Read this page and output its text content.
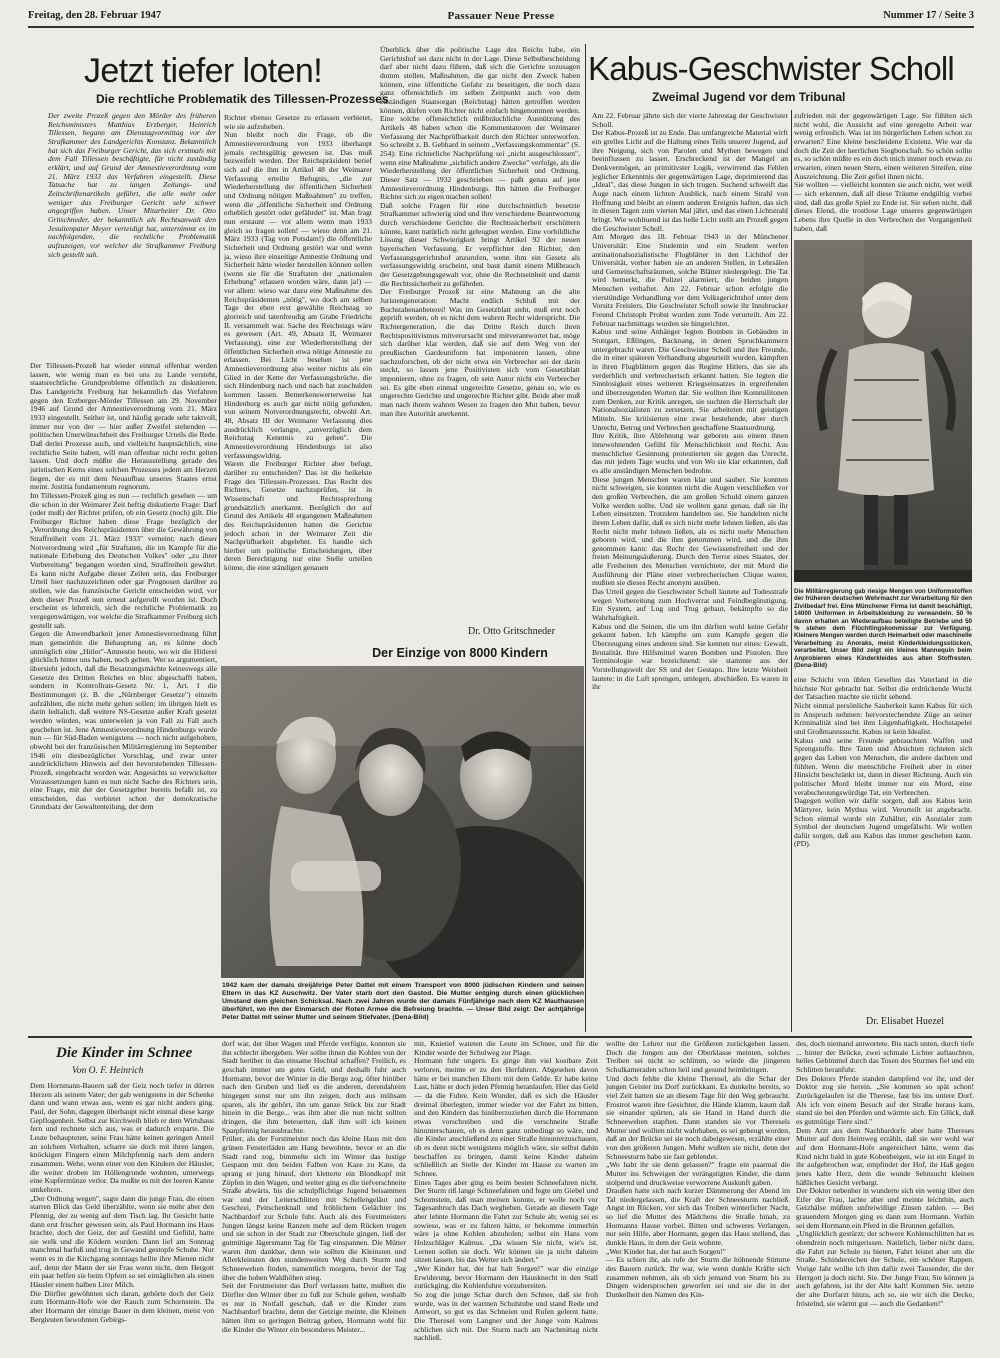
Freitag, den 28. Februar 1947	Passauer Neue Presse	Nummer 17 / Seite 3
Jetzt tiefer loten!
Die rechtliche Problematik des Tillessen-Prozesses
Der zweite Prozeß gegen den Mörder des früheren Reichsministers Matthias Erzberger, Heinrich Tillessen, begann am Dienstagvormittag vor der Strafkammer des Landgerichts Konstanz. Bekanntlich hat sich das Freiburger Gericht, das sich erstmals mit dem Fall Tillessen beschäftigte, für nicht zuständig erklärt, und auf Grund der Amnestieverordnung vom 21. März 1933 das Verfahren eingestellt. Diese Tatsache hat zu langen Zeitungs- und Zeitschriftenartikeln geführt, die alle mehr oder weniger das Freiburger Gericht sehr schwer angegriffen haben. Unser Mitarbeiter Dr. Otto Gritschneder, der bekanntlich als Rechtsanwalt den Jesuitenpater Meyer verteidigt hat, unternimmt es im nachfolgenden, die rechtliche Problematik aufzuzeigen, vor welcher die Strafkammer Freiburg sich gestellt sah.
Der Tillessen-Prozeß hat wieder einmal offenbar werden lassen, wie wenig man es bei uns zu Lande versteht, staatsrechtliche Grundprobleme öffentlich zu diskutieren. Das Landgericht Freiburg hat bekanntlich das Verfahren gegen den Erzberger-Mörder Tillessen am 29. November 1946 auf Grund der Amnestieverordnung vom 21. März 1933 eingestellt. Seither ist, und häufig gerade sehr taktvoll, immer nur von der — hier außer Zweifel stehenden — politischen Unerwünschtheit des Freiburger Urteils die Rede. Daß derlei Prozesse auch, und vielleicht hauptsächlich, eine rechtliche Seite haben, will man offenbar nicht recht gelten lassen. Und doch müßte die Herausstellung gerade des juristischen Kerns eines solchen Prozesses jedem am Herzen liegen, der es mit dem Neuaufbau unseres Staates ernst meint. Justitia fundamentum regnorum.
Im Tillessen-Prozeß ging es nun — rechtlich gesehen — um die schon in der Weimarer Zeit heftig diskutierte Frage: Darf (oder muß) der Richter prüfen, ob ein Gesetz (noch) gilt. Die Freiburger Richter haben diese Frage bezüglich der „Verordnung des Reichspräsidenten über die Gewährung von Straffreiheit vom 21. März 1933" verneint; nach dieser Notverordnung wird „für Straftaten, die im Kampfe für die nationale Erhebung des Deutschen Volkes" oder „zu ihrer Vorbereitung" begangen worden sind, Straffreiheit gewährt. Es kann nicht Aufgabe dieser Zeilen sein, das Freiburger Urteil hier nachzuzeichnen oder gar Prognosen darüber zu stellen, wie das französische Gericht entscheiden wird, vor dem dieser Prozeß nun erneut aufgerollt worden ist. Doch erscheint es lehrreich, sich die rechtliche Problematik zu vergegenwärtigen, vor welche die Strafkammer Freiburg sich gestellt sah.
Gegen die Anwendbarkeit jener Amnestieverordnung führt man gemeinhin die Behauptung an, es könne doch unmöglich eine „Hitler"-Amnestie heute, wo wir die Hitlerei glücklich hinter uns haben, noch gelten. Wer so argumentiert, übersieht jedoch, daß die Besatzungsmächte keineswegs alle Gesetze des Dritten Reiches en bloc abgeschafft haben, sondern in Kontrollrats-Gesetz Nr. 1, Art. I die Bestimmungen (z. B. die „Nürnberger Gesetze") einzeln aufzählten, die nicht mehr gelten sollen; im übrigen hielt es darin ledialich, daß weitere NS-Gesetze außer Kraft gesetzt werden würden, was unterwelen ja von Fall zu Fall auch geschehen ist. Jene Amnestieverordnung Hindenburgs wurde nun — für Süd-Baden wenigstens — noch nicht aufgehoben, obwohl bei der französischen Militärregierung im September 1946 ein diesbezüglicher Vorschlag, und zwar unter ausdrücklichem Hinweis auf den bevorstehenden Tillessen-Prozeß, eingebracht worden war. Angesichts so verwickelter Voraussetzungen kann es nun nicht Sache des Richters sein, eine Frage, mit der der Gesetzgeber bereits befaßt ist, zu entscheiden, das verbietet schon der demokratische Grundsatz der Gewaltenteilung, der dem
Richter ebenso Gesetze zu erlassen verbietet, wie sie aufzuheben.
Nun bleibt noch die Frage, ob die Amnestieverordnung von 1933 überhaupt jemals rechtsgültig gewesen ist. Das muß bezweifelt werden. Der Reichspräsident berief sich auf die ihm in Artikel 48 der Weimarer Verfassung erteilte Befugnis, „die zur Wiederherstellung der öffentlichen Sicherheit und Ordnung nötigen Maßnahmen" zu treffen, wenn die „öffentliche Sicherheit und Ordnung erheblich gestört oder gefährdet" ist. Man fragt nun erstaunt — vor allem wenn man 1933 gleich so fragen sollen! — wieso denn am 21. März 1933 (Tag von Potsdam!) die öffentliche Sicherheit und Ordnung gestört war und wenn ja, wieso ihre einseitige Amnestie Ordnung und Sicherheit hätte wieder herstellen können sollen (wenn sie für die Straftaten der „nationalen Erhebung" erlassen worden wäre, dann ja!) — vor allem: wieso war dazu eine Maßnahme des Reichspräsidenten „nötig", wo doch am selben Tage der eben erst gewählte Reichstag so glorreich und tatenfreudig am Grabe Friedrichs II. versammelt war. Sache des Reichstags wäre es gewesen (Art. 49, Absatz II, Weimarer Verfassung), eine zur Wiederherstellung der öffentlichen Sicherheit etwa nötige Amnestie zu erlassen. Bei Licht besehen ist jene Amnestieverordnung also weiter nichts als ein Glied in der Kette der Verfassungsbrüche, die sich Hindenburg nach und nach hat zuschulden kommen lassen. Bemerkenswerterweise hat Hindenburg es auch gar nicht nötig gefunden, von seinem Notverordnungsrecht, obwohl Art. 48, Absatz III der Weimarer Verfassung dies ausdrücklich verlangte, „unverzüglich dem Reichstag Kenntnis zu geben". Die Amnestieverordnung Hindenburgs ist also verfassungswidrig.
Waren die Freiburger Richter aber befugt, darüber zu entscheiden? Das ist die heikelste Frage des Tillessen-Prozesses. Das Recht des Richters, Gesetze nachzuprüfen, ist in Wissenschaft und Rechtssprechung grundsätzlich anerkannt. Bezüglich der auf Grund des Artikels 48 ergangenen Maßnahmen des Reichspräsidenten hatten die Gerichte jedoch schon in der Weimarer Zeit die Nachprüfbarkeit abgelehnt. Es handle sich hierbei um politische Entscheidungen, über deren Berechtigung nur eine Stelle urteilen könne, die eine ständigen genauen
Überblick über die politische Lage des Reichs habe, ein Gerichtshof sei dazu nicht in der Lage. Diese Selbstbescheidung darf aber nicht dazu führen, daß sich die Gerichte sozusagen dumm stellen. Maßnahmen, die gar nicht den Zweck haben können, eine öffentliche Gefahr zu beseitigen, die noch dazu ganz offensichtlich im selben Zeitpunkt auch von dem zuständigen Staatsorgan (Reichstag) hätten getroffen werden können, dürfen vom Richter nicht einfach hingenommen werden. Eine solche offensichtlich mißbräuchliche Ausnützung des Artikels 48 haben schon die Kommentatoren der Weimarer Verfassung der Nachprüfbarkeit durch den Richter unterworfen. So schreibt z. B. Gebhard in seinem „Verfassungskommentar" (S. 254): Eine richterliche Nachprüfung sei „nicht ausgeschlossen", wenn eine Maßnahme „sichtlich andere Zwecke" verfolge, als die Wiederherstellung der öffentlichen Sicherheit und Ordnung. Dieser Satz — 1932 geschrieben — paßt genau auf jene Amnestieverordnung Hindenburgs. Ihn hätten die Freiburger Richter sich zu eigen machen sollen!
Daß solche Fragen für eine durchschnittlich besetzte Strafkammer schwierig sind und ihre verschiedene Beantwortung durch verschiedene Gerichte die Rechtssicherheit erschüttern könnte, kann natürlich nicht geleugnet werden. Eine vorbildliche Lösung dieser Schwierigkeit bringt Artikel 92 der neuen bayerischen Verfassung. Er verpflichtet den Richter, den Verfassungsgerichtshof anzurufen, wenn ihm ein Gesetz als verfassungswidrig erscheint, und baut damit einem Mißbrauch der Gesetzgebungsgewalt vor, ohne die Rechtseinheit und damit die Rechtssicherheit zu gefährden.
Der Freiburger Prozeß ist eine Mahnung an die alte Juristengeneration: Macht endlich Schluß mit der Buchstabenanbeterei! Was im Gesetzblatt steht, muß erst noch geprüft werden, ob es nicht dem wahren Recht widerspricht. Die Richtergeneration, die das Dritte Reich durch ihren Rechtspositivismus mitverursacht und mitverantwortet hat, möge sich darüber klar werden, daß sie auf dem Weg von der preußischen Gardeuniform hat imponieren lassen, ohne nachzuforschen, ob der nicht etwa ein Verbrecher sei der darin steckt, so lassen jene Positivisten sich vom Gesetzblatt imponieren, ohne zu fragen, ob sein Autor nicht ein Verbrecher sei. Es gibt eben einmal ungerechte Gesetze, genau so, wie es ungerechte Gerichte und ungerechte Richter gibt. Beide aber muß man nach ihrem wahren Wesen zu fragen den Mut haben, bevor man ihre Autorität anerkennt.
Dr. Otto Gritschneder
Der Einzige von 8000 Kindern
1942 kam der damals dreijährige Peter Dattel mit einem Transport von 8000 jüdischen Kindern und seinen Eltern in das KZ Auschwitz. Der Vater starb dort den Gastod. Die Mutter entging durch einen glücklichen Umstand dem gleichen Schicksal. Nach zwei Jahren wurde der damals Fünfjährige nach dem KZ Mauthausen überführt, wo ihn der Einmarsch der Roten Armee die Befreiung brachte. — Unser Bild zeigt: Der achtjährige Peter Dattel mit seiner Mutter und seinem Stiefvater. (Dena-Bild)
Kabus-Geschwister Scholl
Zweimal Jugend vor dem Tribunal
Am 22. Februar jährte sich der vierte Jahrestag der Geschwister Scholl.
Der Kabus-Prozeß ist zu Ende. Das umfangreiche Material wirft ein grelles Licht auf die Haltung eines Teils unserer Jugend, auf ihre Neigung, sich von Parolen und Mythen bewegen und beeinflussen zu lassen. Erschreckend ist der Mangel an Denkvermögen, an primitivster Logik, verwirrend das Fehlen jeglicher Erkenntnis der gegenwärtigen Lage, deprimierend das „Ideal", das diese Jungen in sich trugen. Suchend schweift das Auge nach einem lichten Ausblick, nach einem Strahl von Hoffnung und bleibt an einem anderen Ereignis haften, das sich in diesen Tagen zum vierten Mal jährt, und das einen Lichtstrahl bringt. Wie wohltuend ist das helle Licht stellt am Prozeß gegen die Geschwister Scholl.
Am Morgen des 18. Februar 1943 in der Münchener Universität: Eine Studentin und ein Student werfen antinationalsozialistische Flugblätter in den Lichthof der Universität, vorher haben sie an anderen Stellen, in Lehrsälen und Gemeinschaftsräumen, solche Blätter niedergelegt. Die Tat wird bemerkt, die Polizei alarmiert, die beiden jungen Menschen verhaftet. Am 22. Februar schon erfolgte die vierstündige Verhandlung vor dem Volksgerichtshof unter dem Vorsitz Freislers. Die Geschwister Scholl sowie ihr Innsbrucker Freund Christoph Probst wurden zum Tode verurteilt. Am 22. Februar nachmittags wurden sie hingerichtet.
Kabus und seine Anhänger legten Bomben in Gebäuden in Stuttgart, Eßlingen, Backnang, in denen Spruchkammern untergebracht waren. Die Geschwister Scholl und ihre Freunde, die in einer späteren Verhandlung abgeurteilt wurden, kämpften in ihren Flugblättern gegen das Regime Hitlers, das sie als verderblich und verbrecherisch erkannt hatten. Sie legten die Sinnlosigkeit eines weiteren Kriegseinsatzes in ergreifenden und überzeugenden Worten dar. Sie wollten ihre Kommilitonen zum Denken, zur Kritik anregen, sie suchten die Herrschaft der Nationalsozialisten zu zersetzen. Sie arbeiteten mit geistigen Mitteln. Sie kritisierten eine zwar bestehende, aber durch Unrecht, Betrug und Verbrechen geschaffene Staatsordnung.
Ihre Kritik, ihre Ablehnung war geboren aus einem ihnen innewohnenden Gefühl für Menschlichkeit und Recht. Aus menschlicher Gesinnung protestierten sie gegen das Unrecht, das mit jedem Tage wuchs und von Wo sie klar erkannten, daß es alle anständigen Menschen bedrohte.
Diese jungen Menschen waren klar und sauber. Sie konnten nicht schweigen, sie konnten nicht die Augen verschließen vor den großen Verbrechen, die am großen Schuld einem ganzen Volke werden sollte. Und sie wollten ganz genau, daß sie ihr Leben einsetzten. Trotzdem handelten sie. Sie handelten nicht ihrem Leben dafür, daß es sich nicht mehr lohnen ließen, als das Recht nicht mehr lohnen ließen, als es nicht mehr Menschen geboren wird, und die ihm genommen wird, und die ihm genommen kann: das Recht der Gewissensfreiheit und der freien Meinungsäußerung. Durch den Terror eines Staates, der alle Freiheiten des Menschen vernichtete, der mit Mord die Ausführung der Pläne einer verbrecherischen Clique waren, mußten sie dieses Recht anonym ausüben.
Das Urteil gegen die Geschwister Scholl lautete auf Todesstrafe wegen Vorbereitung zum Hochverrat und Feindbegünstigung. Ein System, auf Lug und Trug gebaut, bekämpfte so die Wahrhaftigkeit.
Kabus und die Seinen, die um ihn dürften wohl keine Gefahr gekannt haben. Ich kämpfte um zum Kampfe gegen die Überzeugung eines anderen sind. Sie kennen nur eines: Gewalt, Brutalität. Ihre Hilfsmittel waren Bomben und Pistolen. Ihre Terminologie war bezeichnend: sie stammte aus der Vorstellungswelt der SS und der Gestapo. Ihre letzte Weisheit lautete: in die Luft sprengen, umlegen, abschießen. Es waren in ihr
zufrieden mit der gegenwärtigen Lage. Sie fühlten sich nicht wohl, die Aussicht auf eine geregelte Arbeit war wenig erfreulich. Was ist im bürgerlichen Leben schon zu erwarten? Eine kleine bescheidene Existenz. Wie war da doch die Zeit der herrlichen Siegbotschaft. So schön sollte es, so schön müßte es ein doch mich immer noch etwas zu erwarten, einen neuen Stern, einen weiteren Streifen, eine Auszeichnung. Die Zeit gefiel ihnen nicht.
Sie wollten — vielleicht konnten sie auch nicht, wer weiß — sich erkennen, daß all diese Träume endgültig vorbei sind, daß das große Spiel zu Ende ist. Sie sehen nicht, daß dieses Elend, die trostlose Lage unseres gegenwärtigen Lebens ihre Quelle in den Verbrechen der Vergangenheit haben, daß
Die Militärregierung gab riesige Mengen von Uniformstoffen der früheren deutschen Wehrmacht zur Verarbeitung für den Zivilbedarf frei. Eine Münchener Firma ist damit beschäftigt, 14000 Uniformen in Arbeitskleidung zu verwandeln. 50 % davon erhalten an Wiederaufbau beteiligte Betriebe und 50 % stehen dem Flüchtlingskommissar zur Verfügung. Kleinere Mengen werden durch Heimarbeit oder maschinelle Verarbeitung zu Anoraks, meist Kinderkleidungsstücken, verarbeitet. Unser Bild zeigt ein kleines Mannequin beim Anprobieren eines Kinderkleides aus alten Stoffresten. (Dena-Bild)
eine Schicht von üblen Gesellen das Vaterland in die höchste Not gebracht hat. Selbst die erdrückende Wucht der Tatsachen machte sie nicht sehend.
Nicht einmal persönliche Sauberkeit kann Kabus für sich in Anspruch nehmen: hervorstechendste Züge an seiner Kriminalität sind bei ihm Lügenhaftigkeit, Hochstapelei und Großmannssucht. Kabus ist kein Idealist.
Kabus und seine Freunde gebrauchten Waffen und Sprengstoffe. Ihre Taten und Absichten richteten sich gegen das Leben von Menschen, die andere dachten und fühlten. Wenn die menschliche Freiheit aber in einer Hinsicht beschränkt ist, dann in dieser Richtung. Auch ein politischer Mord bleibt immer nur ein Mord, eine verabscheuungswürdige Tat, ein Verbrechen.
Dagegen wollen wir dafür sorgen, daß aus Kabus kein Märtyrer, kein Mythus wird. Verurteilt ist angebracht. Schon einmal wurde ein Zuhälter, ein Asozialer zum Symbol der deutschen Jugend umgefälscht. Wir wollen dafür sorgen, daß aus Kabus das immer geschehen kann. (PD).
Dr. Elisabet Huezel
Die Kinder im Schnee
Von O. F. Heinrich
Dem Hornmann-Bauern saß der Geiz noch tiefer in dürren Herzen als seinem Vater; der gab wenigstens in der Schenke dann und wann etwas aus, wenn es gar nicht anders ging. Paul, der Sohn, dagegen überhaupt nicht einmal diese karge Gepflogenheit. Selbst zur Kirchweih blieb er dem Wirtshaus fern und rechnete sich aus, was er dadurch ersparte. Die Leute behaupteten, seine Frau hätte keinen geringen Anteil an solchem Verhalten, scharre sie doch mit ihren langen, knöckigen Fingern einen Milchpfennig nach dem andern zusammen. Wehe, wenn einer von den Kindern der Häusler, die weiter droben im Höllengrunde wohnten, unterwegs eine Kupfermünze verlor. Da mußte es mit der leeren Kanne umkehren.
„Der Ordnung wegen", sagte dann die junge Frau, die einen starren Blick das Geld überzählte, wenn sie mehr aber den Pfennig, der zu wenig auf dem Tisch lag. Ihr Gesicht hatte dann erst frischer gewesen sein, als Paul Hormann ins Haus brachte, doch der Geiz, der auf Gestühl und Gefühl, hatte sie welk und die Ködern wurden. Dann lief am Sonntag manchmal barfuß und trug in Gewand gestopfe Schuhe. Nur wenn es in die Kirchgang sonntags hellte ihre Mienen nicht auf, denn der Mann der sie Frau wenn nicht, dem Hergott ein paar helfen sie beim Opfern so sei eintäglichen als einen Häusler einem halben Liter Milch.
Die Dörfler gewöhnten sich daran, gehörte doch der Geiz zum Hormann-Hofe wie der Rauch zum Schornstein. Da aber Hormann der einzige Bauer in dem kleinen, meist von Bergleuten bewohnten Gebirgs-
dorf war, der über Wagen und Pferde verfügte, konnten sie ihn schlecht übergehen. Wer sollte ihnen die Kohlen von der Stadt herüber in das einsame Hochtal schaffen? Freilich, es geschah immer um gutes Geld, und deshalb fuhr auch Hormann, bevor der Winter in die Berge zog, öfter hinüber nach den Gruben und ließ es die anderen, derendaheim hingegen sonst nur um ihn zeigen, doch aus mühsam sparen, als ihr gehört, ihn um ganze Stück bis zur Stadt hinein in die Berge... was ihm aber die nun nicht sollten dringen, die ihm beteuerten, daß ihm soll ich keinen Sparpfennig herausbrachte.
Früher, als der Forstmeister noch das kleine Haus mit den grünen Fensterläden am Hang bewohnte, bevor er an die Stadt rand zog, bimmelte sich im Winter das lustige Gespann mit den beiden Falben von Kaze zu Kate, da sprang er jung hinauf, dort kletterte ein Blondkopf mit Zöpfen in den Wagen, und weiter ging es die tiefverschneite Straße abwärts, bis die schulpflichtige Jugend beisammen war und der Leiterschlitten mit Schellengeläut und Geschrei, Peitschenknall und fröhlichem Gelächter ins Nachbardorf zur Schule fuhr. Auch als des Forstmeisters Jungen längst keine Ranzen mehr auf dem Rücken trugen und sie schon in der Stadt zur Oberschule gingen, ließ der gutmütige Jägersmann Tag für Tag einspannen. Die Mütter waren ihm dankbar, denn wie sollten die Kleinsten und Allerkleinsten den stundenweiten Weg durch Sturm und Schneewehen finden, namentlich morgens, bevor der Tag über die hohen Waldhöhen stieg.
Seit der Forstmeister das Dorf verlassen hatte, mußten die Dörfler den Winter über zu fuß zur Schule gehen, weshalb es nur in Notfall geschah, daß er die Kinder zum Nachbardorf brachte, denn der Geizige meinte, die Kleinen hätten ihm so geringen Beitrag geben, Hormann wohl für die Kinder die Winter ein besonderes Meister...
mit, Knietief wateten die Leute im Schnee, und für die Kinder wurde der Schulweg zur Plage.
Hormann fuhr ungern. Es ginge ihm viel kostbare Zeit verloren, meinte er zu den Herfahren. Abgesehen davon hätte er bei manchen Eltern mit dem Gelde. Er habe keine Last, hätte er doch jeden Pfennig heranlaufen. Hier das Geld — da die Fuhre. Kein Wunder, daß es sich die Häusler dreimal überlegten, immer wieder vor der Fahrt zu bitten, und den Kindern das hinüberzuziehen durch die Hornmann etwas vorschreiben und die verschneite Straße hinunterschauen, ob es denn ganz unbedingt so wäre, und die Kinder anschließend zu einer Straße hinunterzuschauen, ob es denn nicht wenigstens möglich wäre, sie selbst dahin beschaffen zu bringen, damit keine Kinder daheim schließlich an Stelle der Kinder im Hause zu warten im Schnee.
Eines Tages aber ging es beim besten Schneefahren nicht. Der Sturm riß lange Schneefahnen und fegte um Giebel und Schornstein, daß man meinen konnte, er wolle noch vor Tagesanbruch das Dach wegheben. Gerade an diesem Tage aber lehnte Hormann die Fahrt zur Schule ab; wenig sei es sowieso, was er zu fahren hätte, er bekomme immerhin wäre ja ohne Kohlen abzuholen; selbst ein Hans vom Holzschläger Kalmus. „Da wissen Sie nicht, wie's ist. Lernen sollen sie doch. Wir können sie ja nicht daheim sitzen lassen, bis das Wetter sich ändert."
„Wer Kinder hat, der hat halt Sorgen!" war die einzige Erwiderung, bevor Hormann den Hausknecht in den Stall zurückging, die Kohlenfuhre vorzubereiten.
So zog die junge Schar durch den Schnee, daß sie froh wurde, was in der warmen Schulstube und stand Rede und Antwort, so gut es das Schneien und Rufen gelernt hatte. Die Theresel vom Langner und der Junge vom Kalmus schlichen sich mit. Der Sturm nach am Nachmittag nicht nachließ.
wollte der Lehrer nur die Größeren zurückgehen lassen. Doch die Jungen aus der Oberklasse meinten, solches Treiben sei nicht so schlimm, so würde die jüngeren Schulkameraden schon heil und gesund heimbringen.
Und doch fehlte die kleine Theresel, als die Schar der jungen Geister ins Dorf zurückkam. Es dunkelte bereits, so viel Zeit hatten sie an diesem Tage für den Weg gebraucht. Frostrot waren ihre Gesichter, die Hände klamm, kaum daß sie einander spürten, als sie Hand in Hand durch die Schneewehen stapften. Dann standen sie vor Theresels Mutter und wollten nicht wahrhaben, es sei gebeugt worden, daß an der Brücke sei sie noch dabeigewesen, erzählte einer von den größeren Jungen. Mehr wußten sie nicht, denn der Schneesturm habe sie fast geblendet.
„Wo habt ihr sie denn gelassen?" fragte ein paarmal die Mutter ins Schweigen der verängstigten Kinder, die dann stolpernd und druckweise verworrene Auskunft gaben.
Draußen hatte sich nach kurzer Dämmerung der Abend im Tal niedergelassen, die Kraft der Schneesturm nachließ. Angst im Rücken, vor sich das Treiben winterlicher Nacht, so lief die Mutter des Mädchens die Straße hinab, zu Hormanns Hause vorbei. Bitten und schweres Verlangen, nur sein Hilfe, aber Hormann, gegen das Haus stellend, das dunkle Haus, in dem der Geiz wohnte.
„Wer Kinder hat, der hat auch Sorgen!"
— Es schien ihr, als rufe der Sturm die höhnende Stimme des Bauern zurück. Ihr war, wie wenn dunkle Kräfte sich zusammen nehmen, als ob sich jemand von Sturm bis zu Dingen widersprochen geworfen sei und sie die in der Dunkelheit den Namen des Kin-
des, doch niemand antwortete. Bis nach unten, durch tiefe ... hinter der Brücke, zwei schmale Lichter auftauchten, helles Gebimmel durch das Tosen des Sturmes fiel und ein Schlitten heranfuhr.
Des Doktors Pferde standen dampfend vor ihr, und der Doktor zog sie herein. „Sie kommen so spät schon! Zurückgelaufen ist die Therese, fast bis ins untere Dorf. Als ich von einem Besuch auf der Straße heraus kam, stand sie bei den Pferden und wärmte sich. Ein Glück, daß es gutmütige Tiere sind."
Dem Arzt aus dem Nachbardorfe aber hatte Thereses Mutter auf dem Heimweg erzählt, daß sie wer wohl war auf dem Hormann-Hofe angereichert hätte, wenn das Kind nicht bald in gute Kobenbeigen, wie ist ein Engel in ihr aufgebrochen war, empfindet der Hof, ihr Haß gegen jenes kalte Herz, dem die wunde Sehnsucht kleinen häßliches Gesicht verbargt.
Der Doktor nebenher in wunderte sich ein wenig über den Eifer der Frau, lachte aber und meinte leichthin, auch Geizhälse müßten unfreiwillige Zinsen zahlen. — Bei grauendem Morgen ging es dann zum Hormann. Vorhin sei dem Hormann ein Pferd in die Brunnen gefallen.
„Unglücklich gestürzt; der schwere Kohlenschlitten hat es obendrein noch mitgerissen. Natürlich, lieber nicht dazu, die Fahrt zur Schule zu bieten, Fahrt leistet aber um die Straße. Schindereichen der Schule, ein schöner Rappen. Vorige Jahr wollte ich ihm dafür zwei Tausender, die der Herrgott ja doch nicht. Sie. Der Junge Frau, Sie können ja auch gefahren, ist ihr der Alte kalt! Kommen Sie. setzte der alte Dorfarzt hinzu, ach so, sie wir sich die Decke, fröstelnd, sie wärmt gut — auch die Gedanken!"
